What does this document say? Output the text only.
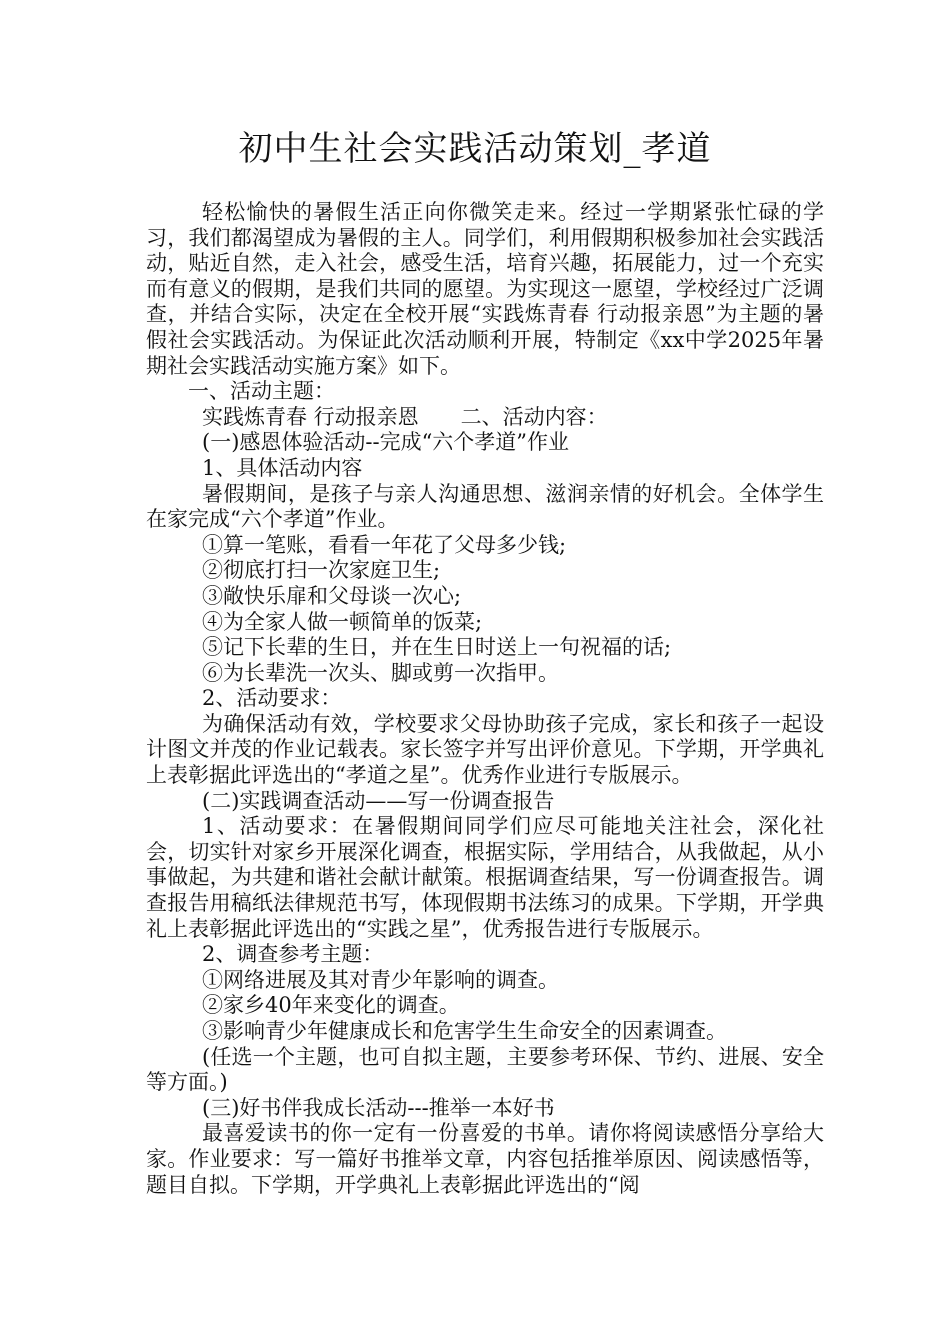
初中生社会实践活动策划_孝道

轻松愉快的暑假生活正向你微笑走来。经过一学期紧张忙碌的学习，我们都渴望成为暑假的主人。同学们，利用假期积极参加社会实践活动，贴近自然，走入社会，感受生活，培育兴趣，拓展能力，过一个充实而有意义的假期，是我们共同的愿望。为实现这一愿望，学校经过广泛调查，并结合实际，决定在全校开展“实践炼青春 行动报亲恩”为主题的暑假社会实践活动。为保证此次活动顺利开展，特制定《xx中学2025年暑期社会实践活动实施方案》如下。

一、活动主题：

实践炼青春 行动报亲恩　　二、活动内容：

(一)感恩体验活动--完成“六个孝道”作业

1、具体活动内容

暑假期间，是孩子与亲人沟通思想、滋润亲情的好机会。全体学生在家完成“六个孝道”作业。

①算一笔账，看看一年花了父母多少钱;

②彻底打扫一次家庭卫生;

③敞快乐扉和父母谈一次心;

④为全家人做一顿简单的饭菜;

⑤记下长辈的生日，并在生日时送上一句祝福的话;

⑥为长辈洗一次头、脚或剪一次指甲。

2、活动要求：

为确保活动有效，学校要求父母协助孩子完成，家长和孩子一起设计图文并茂的作业记载表。家长签字并写出评价意见。下学期，开学典礼上表彰据此评选出的“孝道之星”。优秀作业进行专版展示。

(二)实践调查活动——写一份调查报告

1、活动要求：在暑假期间同学们应尽可能地关注社会，深化社会，切实针对家乡开展深化调查，根据实际，学用结合，从我做起，从小事做起，为共建和谐社会献计献策。根据调查结果，写一份调查报告。调查报告用稿纸法律规范书写，体现假期书法练习的成果。下学期，开学典礼上表彰据此评选出的“实践之星”，优秀报告进行专版展示。

2、调查参考主题：

①网络进展及其对青少年影响的调查。

②家乡40年来变化的调查。

③影响青少年健康成长和危害学生生命安全的因素调查。

(任选一个主题，也可自拟主题，主要参考环保、节约、进展、安全等方面。)

(三)好书伴我成长活动---推举一本好书

最喜爱读书的你一定有一份喜爱的书单。请你将阅读感悟分享给大家。作业要求：写一篇好书推举文章，内容包括推举原因、阅读感悟等，题目自拟。下学期，开学典礼上表彰据此评选出的“阅
